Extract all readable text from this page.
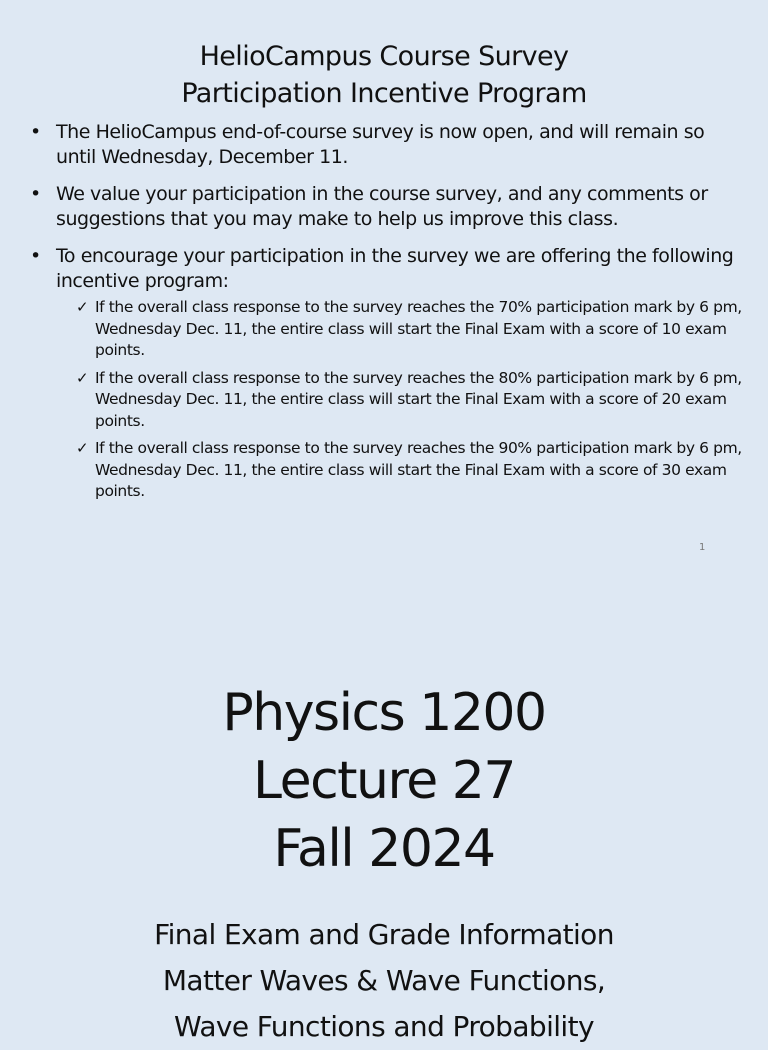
HelioCampus Course Survey
Participation Incentive Program
• The HelioCampus end-of-course survey is now open, and will remain so until Wednesday, December 11.
• We value your participation in the course survey, and any comments or suggestions that you may make to help us improve this class.
• To encourage your participation in the survey we are offering the following incentive program:
✓ If the overall class response to the survey reaches the 70% participation mark by 6 pm, Wednesday Dec. 11, the entire class will start the Final Exam with a score of 10 exam points.
✓ If the overall class response to the survey reaches the 80% participation mark by 6 pm, Wednesday Dec. 11, the entire class will start the Final Exam with a score of 20 exam points.
✓ If the overall class response to the survey reaches the 90% participation mark by 6 pm, Wednesday Dec. 11, the entire class will start the Final Exam with a score of 30 exam points.
1
Physics 1200
Lecture 27
Fall 2024
Final Exam and Grade Information
Matter Waves & Wave Functions,
Wave Functions and Probability
